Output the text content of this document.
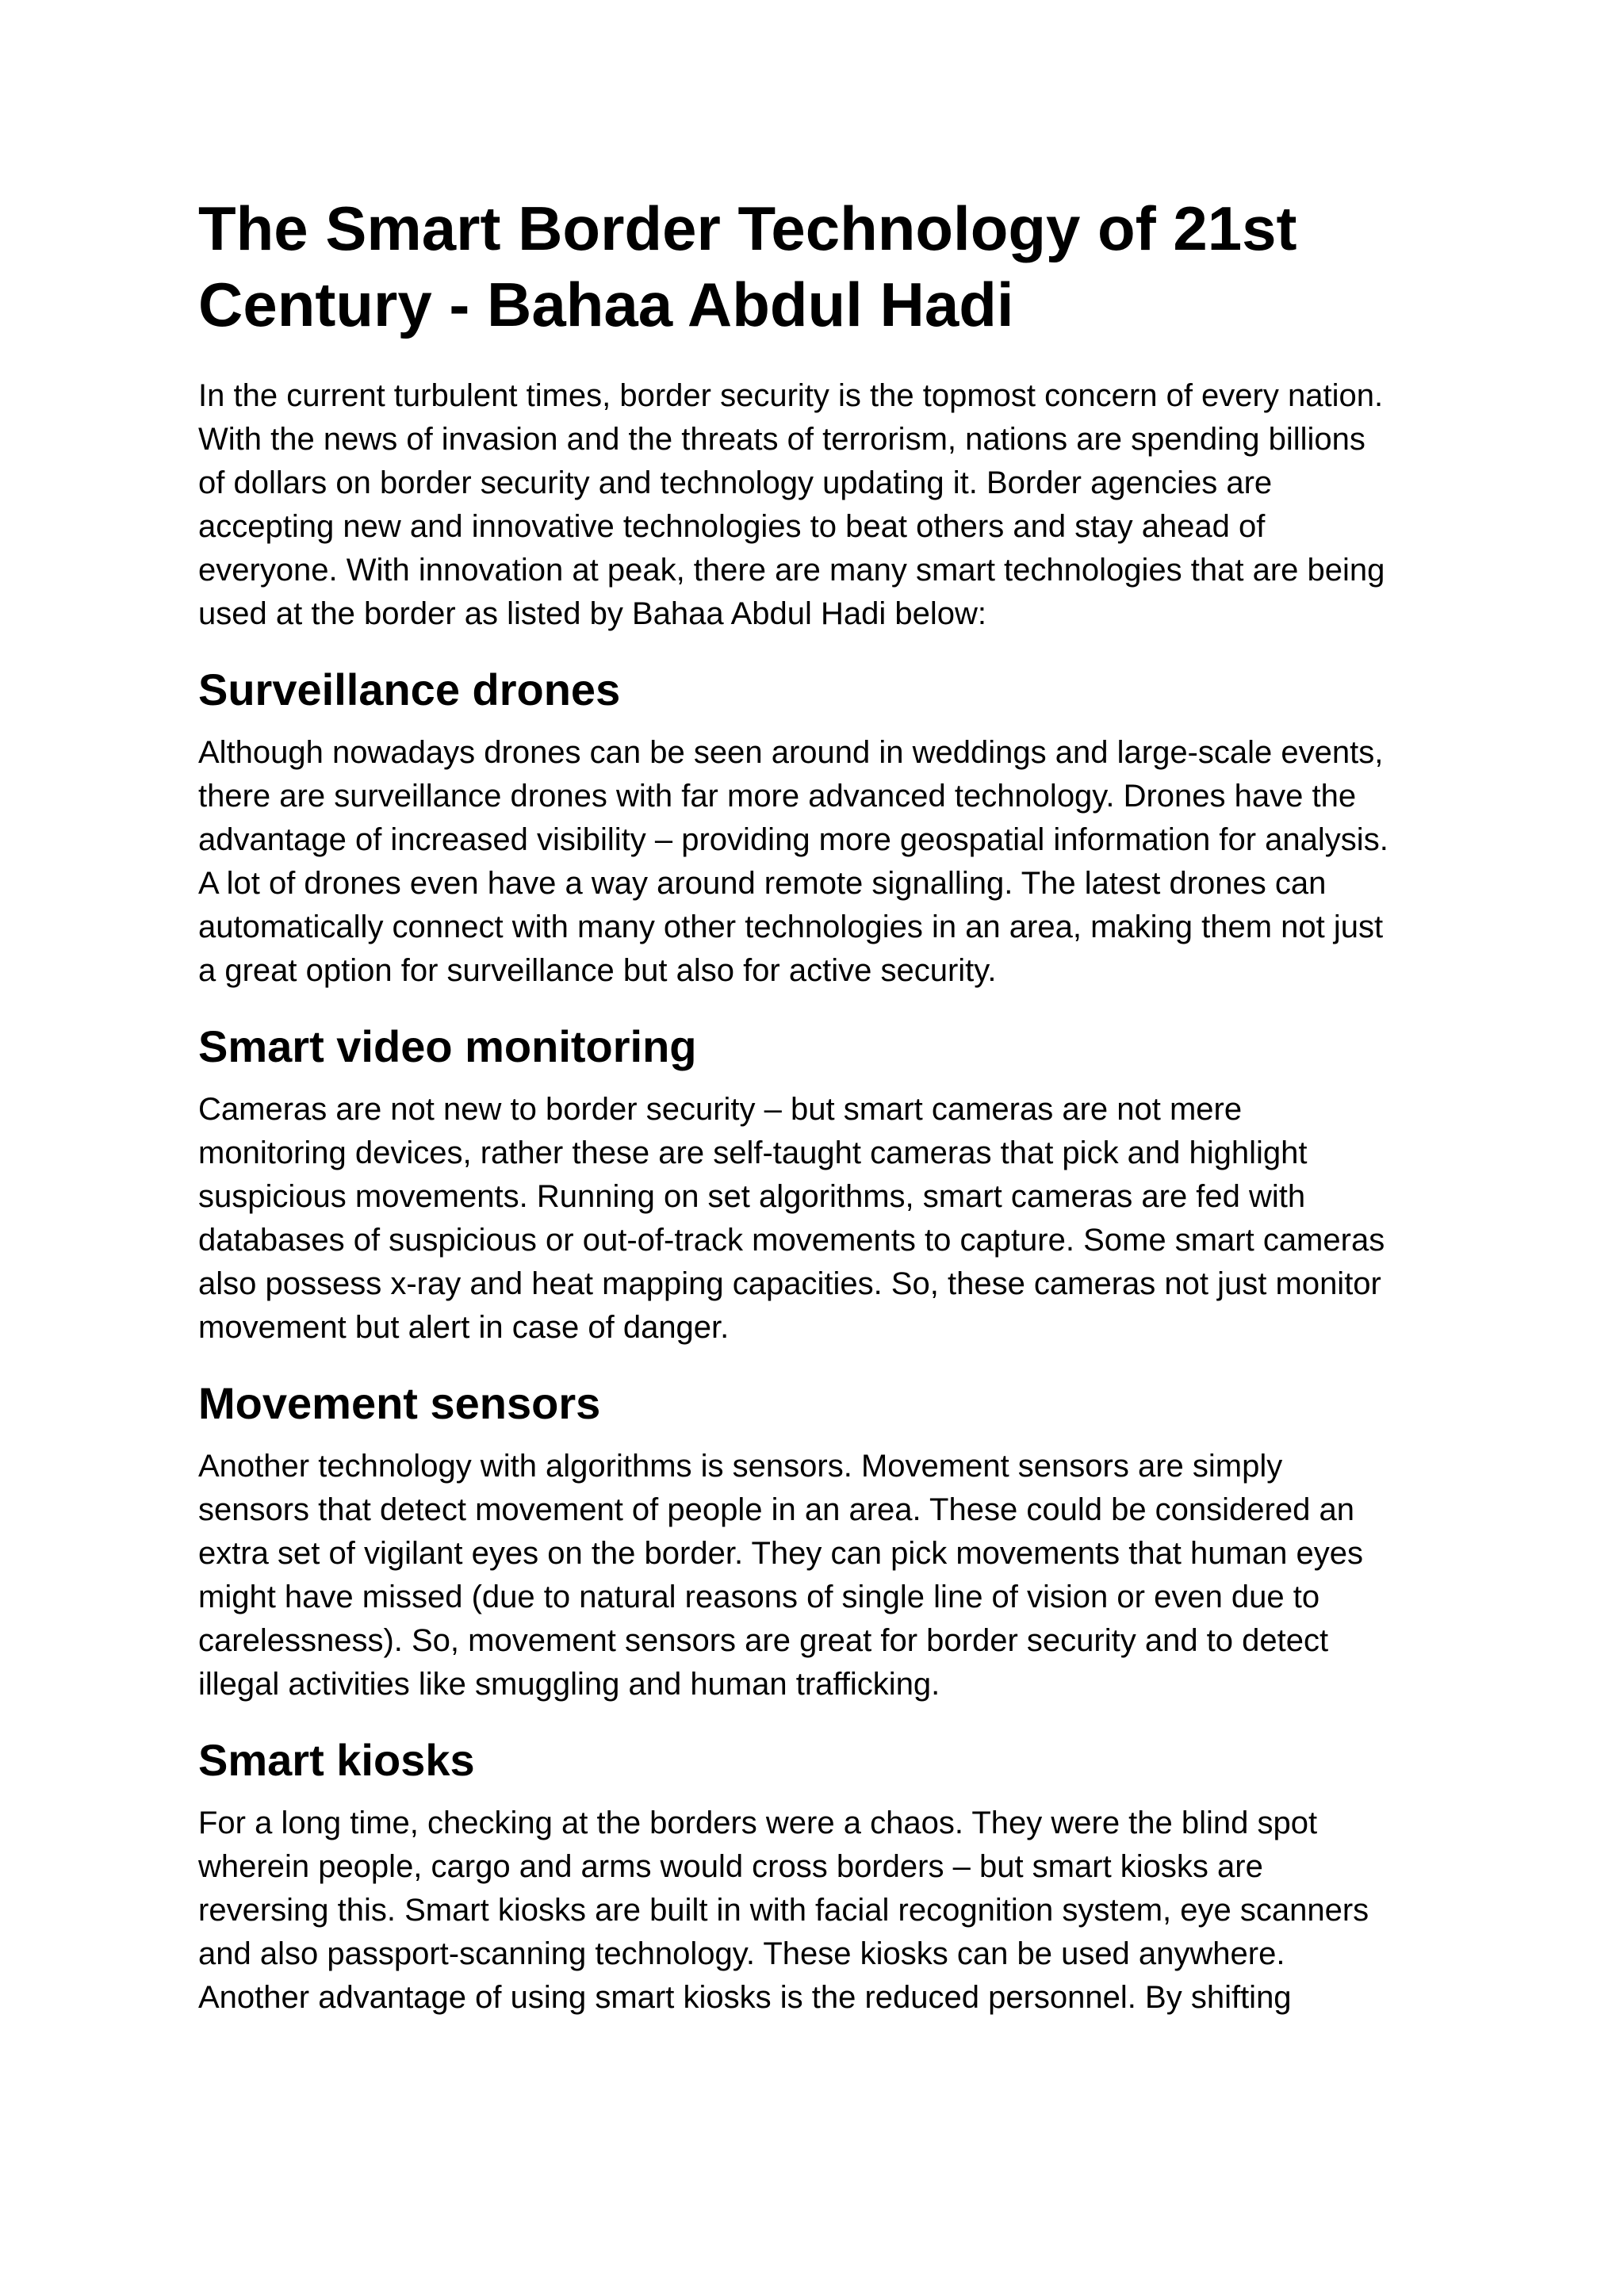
The Smart Border Technology of 21st
Century - Bahaa Abdul Hadi

In the current turbulent times, border security is the topmost concern of every nation.
With the news of invasion and the threats of terrorism, nations are spending billions
of dollars on border security and technology updating it. Border agencies are
accepting new and innovative technologies to beat others and stay ahead of
everyone. With innovation at peak, there are many smart technologies that are being
used at the border as listed by Bahaa Abdul Hadi below:

Surveillance drones

Although nowadays drones can be seen around in weddings and large-scale events,
there are surveillance drones with far more advanced technology. Drones have the
advantage of increased visibility – providing more geospatial information for analysis.
A lot of drones even have a way around remote signalling. The latest drones can
automatically connect with many other technologies in an area, making them not just
a great option for surveillance but also for active security.

Smart video monitoring

Cameras are not new to border security – but smart cameras are not mere
monitoring devices, rather these are self-taught cameras that pick and highlight
suspicious movements. Running on set algorithms, smart cameras are fed with
databases of suspicious or out-of-track movements to capture. Some smart cameras
also possess x-ray and heat mapping capacities. So, these cameras not just monitor
movement but alert in case of danger.

Movement sensors

Another technology with algorithms is sensors. Movement sensors are simply
sensors that detect movement of people in an area. These could be considered an
extra set of vigilant eyes on the border. They can pick movements that human eyes
might have missed (due to natural reasons of single line of vision or even due to
carelessness). So, movement sensors are great for border security and to detect
illegal activities like smuggling and human trafficking.

Smart kiosks

For a long time, checking at the borders were a chaos. They were the blind spot
wherein people, cargo and arms would cross borders – but smart kiosks are
reversing this. Smart kiosks are built in with facial recognition system, eye scanners
and also passport-scanning technology. These kiosks can be used anywhere.
Another advantage of using smart kiosks is the reduced personnel. By shifting
